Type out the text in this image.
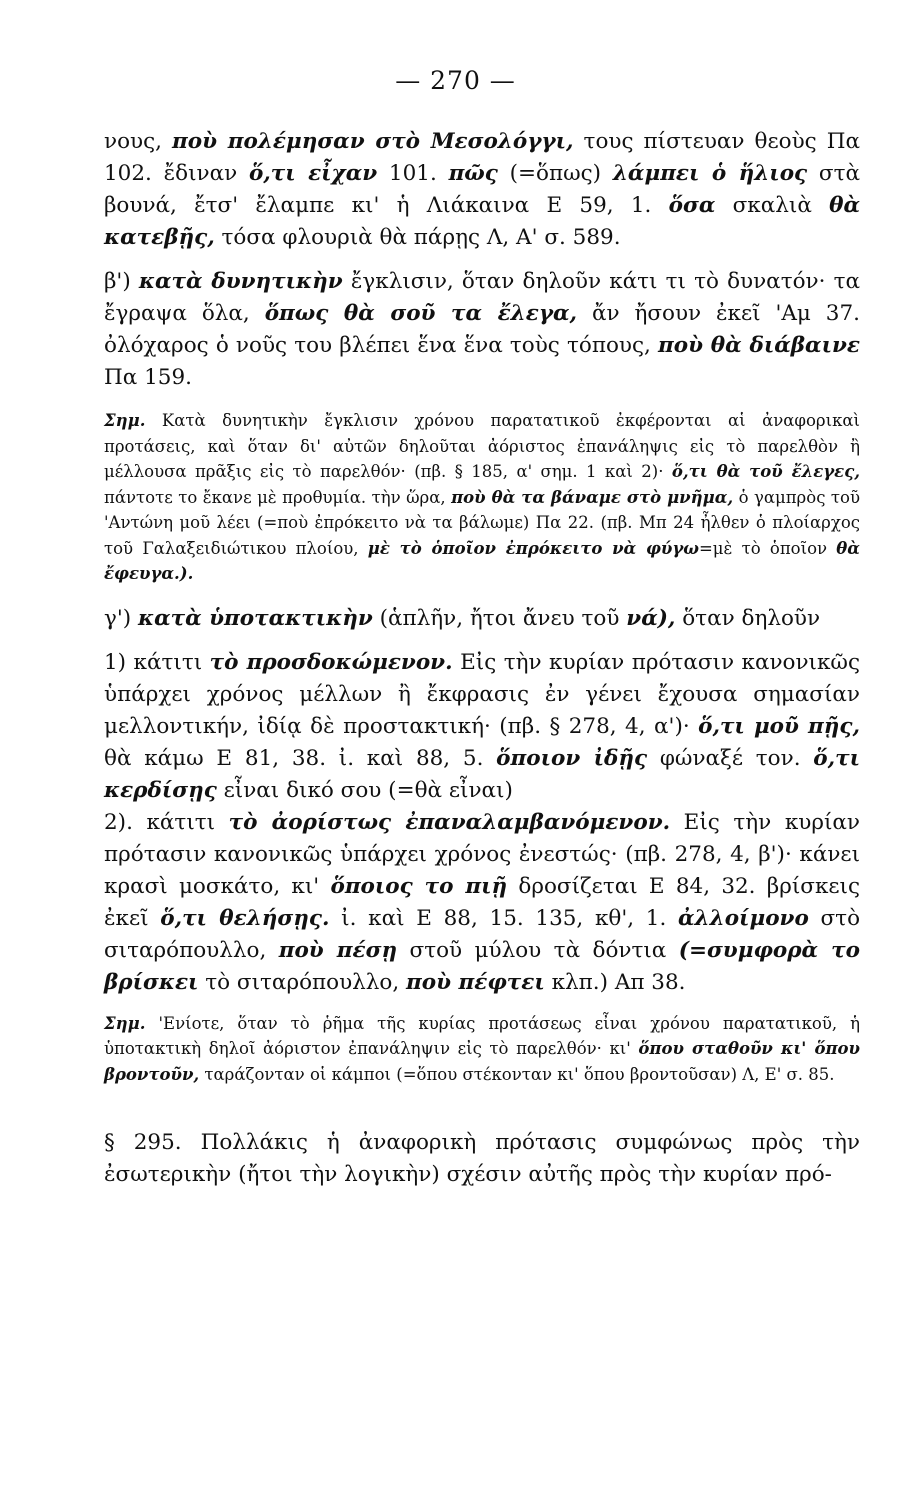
— 270 —

νους, ποὺ πολέμησαν στὸ Μεσολόγγι, τους πίστευαν θεοὺς Πα 102. ἔδιναν ὅ,τι εἶχαν 101. πῶς (=ὅπως) λάμπει ὁ ἥλιος στὰ βουνά, ἔτσ' ἔλαμπε κι' ἡ Λιάκαινα Ε 59, 1. ὅσα σκαλιὰ θὰ κατεβῇς, τόσα φλουριὰ θὰ πάρῃς Λ, Α' σ. 589.

β') κατὰ δυνητικὴν ἔγκλισιν, ὅταν δηλοῦν κάτι τι τὸ δυνατόν· τα ἔγραψα ὅλα, ὅπως θὰ σοῦ τα ἔλεγα, ἄν ἤσουν ἐκεῖ 'Αμ 37. ὀλόχαρος ὁ νοῦς του βλέπει ἕνα ἕνα τοὺς τόπους, ποὺ θὰ διάβαινε Πα 159.

Σημ. Κατὰ δυνητικὴν ἔγκλισιν χρόνου παρατατικοῦ ἐκφέρονται αἱ ἀναφορικαὶ προτάσεις, καὶ ὅταν δι' αὐτῶν δηλοῦται ἀόριστος ἐπανάληψις εἰς τὸ παρελθὸν ἢ μέλλουσα πρᾶξις εἰς τὸ παρελθόν· (πβ. § 185, α' σημ. 1 καὶ 2)· ὅ,τι θὰ τοῦ ἔλεγες, πάντοτε το ἔκανε μὲ προθυμία. τὴν ὥρα, ποὺ θὰ τα βάναμε στὸ μνῆμα, ὁ γαμπρὸς τοῦ 'Αντώνη μοῦ λέει (=ποὺ ἐπρόκειτο νὰ τα βάλωμε) Πα 22. (πβ. Μπ 24 ἦλθεν ὁ πλοίαρχος τοῦ Γαλαξειδιώτικου πλοίου, μὲ τὸ ὁποῖον ἐπρόκειτο νὰ φύγω=μὲ τὸ ὁποῖον θὰ ἔφευγα.).

γ') κατὰ ὑποτακτικὴν (ἁπλῆν, ἤτοι ἄνευ τοῦ νά), ὅταν δηλοῦν

1) κάτιτι τὸ προσδοκώμενον. Εἰς τὴν κυρίαν πρότασιν κανονικῶς ὑπάρχει χρόνος μέλλων ἢ ἔκφρασις ἐν γένει ἔχουσα σημασίαν μελλοντικήν, ἰδίᾳ δὲ προστακτική· (πβ. § 278, 4, α')· ὅ,τι μοῦ πῇς, θὰ κάμω Ε 81, 38. ἰ. καὶ 88, 5. ὅποιον ἰδῇς φώναξέ τον. ὅ,τι κερδίσῃς εἶναι δικό σου (=θὰ εἶναι)

2). κάτιτι τὸ ἀορίστως ἐπαναλαμβανόμενον. Εἰς τὴν κυρίαν πρότασιν κανονικῶς ὑπάρχει χρόνος ἐνεστώς· (πβ. 278, 4, β')· κάνει κρασὶ μοσκάτο, κι' ὅποιος το πιῇ δροσίζεται Ε 84, 32. βρίσκεις ἐκεῖ ὅ,τι θελήσῃς. ἰ. καὶ Ε 88, 15. 135, κθ', 1. ἀλλοίμονο στὸ σιταρόπουλλο, ποὺ πέσῃ στοῦ μύλου τὰ δόντια (=συμφορὰ το βρίσκει τὸ σιταρόπουλλο, ποὺ πέφτει κλπ.) Απ 38.

Σημ. 'Ενίοτε, ὅταν τὸ ῥῆμα τῆς κυρίας προτάσεως εἶναι χρόνου παρατατικοῦ, ἡ ὑποτακτικὴ δηλοῖ ἀόριστον ἐπανάληψιν εἰς τὸ παρελθόν· κι' ὅπου σταθοῦν κι' ὅπου βροντοῦν, ταράζονταν οἱ κάμποι (=ὅπου στέκονταν κι' ὅπου βροντοῦσαν) Λ, Ε' σ. 85.

§ 295. Πολλάκις ἡ ἀναφορικὴ πρότασις συμφώνως πρὸς τὴν ἐσωτερικὴν (ἤτοι τὴν λογικὴν) σχέσιν αὐτῆς πρὸς τὴν κυρίαν πρό-
